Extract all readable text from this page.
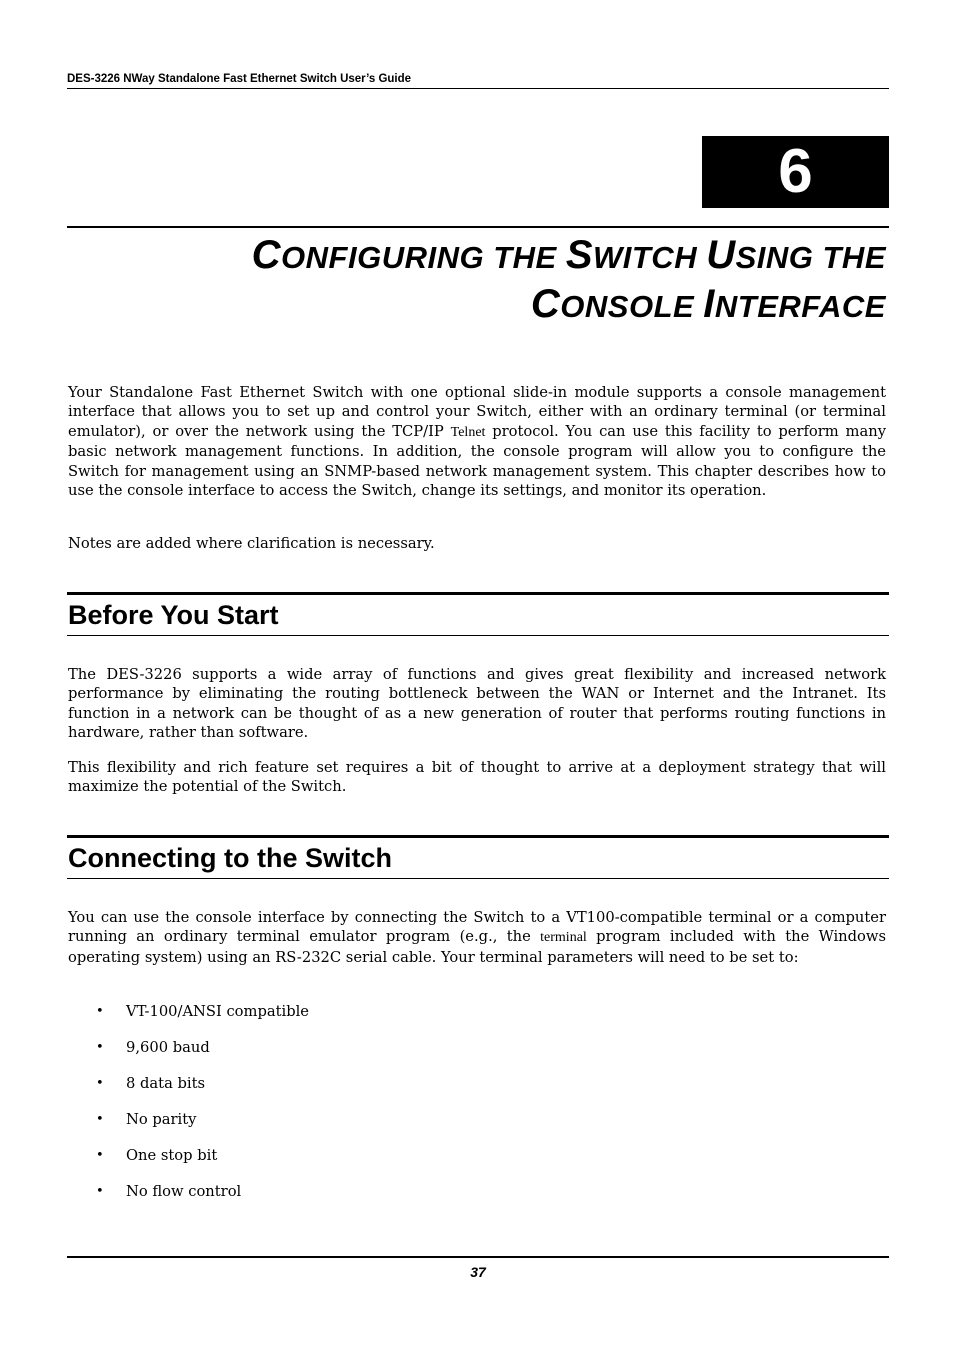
DES-3226 NWay Standalone Fast Ethernet Switch User’s Guide
6
CONFIGURING THE SWITCH USING THE
CONSOLE INTERFACE

Your Standalone Fast Ethernet Switch with one optional slide-in module supports a console management interface that allows you to set up and control your Switch, either with an ordinary terminal (or terminal emulator), or over the network using the TCP/IP Telnet protocol. You can use this facility to perform many basic network management functions. In addition, the console program will allow you to configure the Switch for management using an SNMP-based network management system. This chapter describes how to use the console interface to access the Switch, change its settings, and monitor its operation.

Notes are added where clarification is necessary.

Before You Start

The DES-3226 supports a wide array of functions and gives great flexibility and increased network performance by eliminating the routing bottleneck between the WAN or Internet and the Intranet. Its function in a network can be thought of as a new generation of router that performs routing functions in hardware, rather than software.

This flexibility and rich feature set requires a bit of thought to arrive at a deployment strategy that will maximize the potential of the Switch.

Connecting to the Switch

You can use the console interface by connecting the Switch to a VT100-compatible terminal or a computer running an ordinary terminal emulator program (e.g., the terminal program included with the Windows operating system) using an RS-232C serial cable. Your terminal parameters will need to be set to:

•	VT-100/ANSI compatible
•	9,600 baud
•	8 data bits
•	No parity
•	One stop bit
•	No flow control
37
